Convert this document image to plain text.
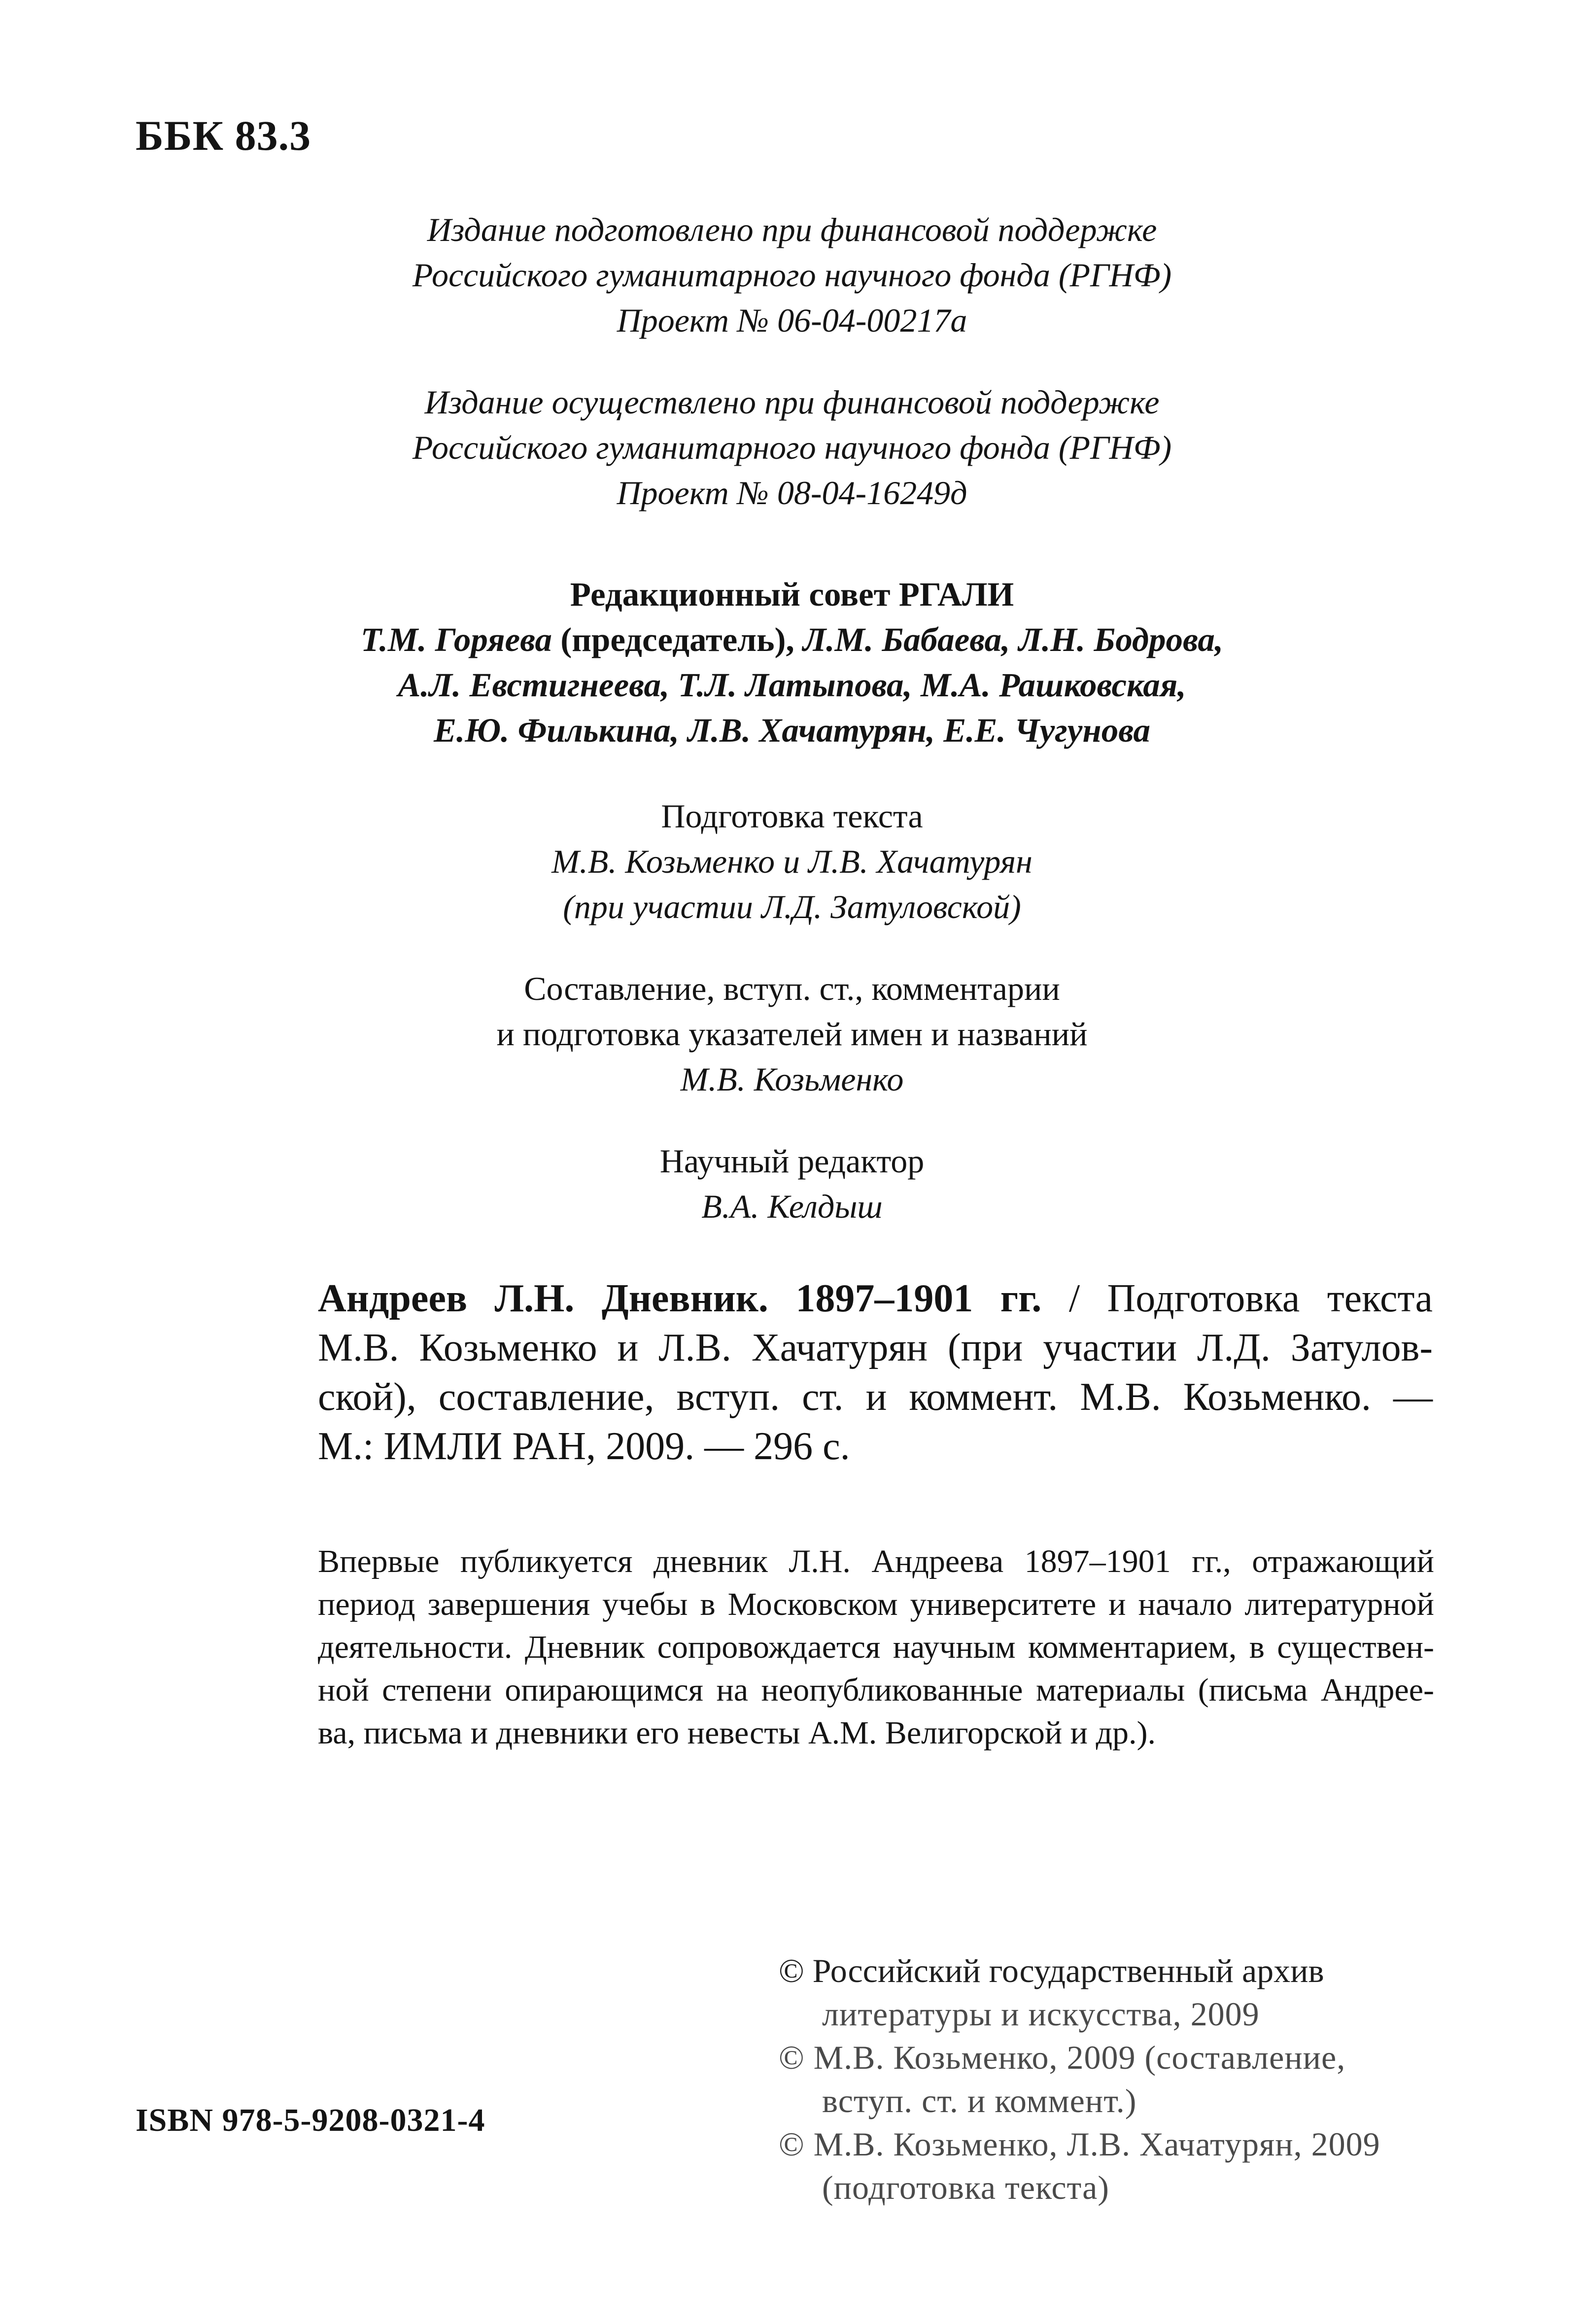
ББК 83.3
Издание подготовлено при финансовой поддержке
Российского гуманитарного научного фонда (РГНФ)
Проект № 06-04-00217а
Издание осуществлено при финансовой поддержке
Российского гуманитарного научного фонда (РГНФ)
Проект № 08-04-16249д
Редакционный совет РГАЛИ
Т.М. Горяева (председатель), Л.М. Бабаева, Л.Н. Бодрова,
А.Л. Евстигнеева, Т.Л. Латыпова, М.А. Рашковская,
Е.Ю. Филькина, Л.В. Хачатурян, Е.Е. Чугунова
Подготовка текста
М.В. Козьменко и Л.В. Хачатурян
(при участии Л.Д. Затуловской)
Составление, вступ. ст., комментарии
и подготовка указателей имен и названий
М.В. Козьменко
Научный редактор
В.А. Келдыш
Андреев Л.Н. Дневник. 1897–1901 гг. / Подготовка текста
М.В. Козьменко и Л.В. Хачатурян (при участии Л.Д. Затулов-
ской), составление, вступ. ст. и коммент. М.В. Козьменко. —
М.: ИМЛИ РАН, 2009. — 296 с.
Впервые публикуется дневник Л.Н. Андреева 1897–1901 гг., отражающий
период завершения учебы в Московском университете и начало литературной
деятельности. Дневник сопровождается научным комментарием, в существен-
ной степени опирающимся на неопубликованные материалы (письма Андрее-
ва, письма и дневники его невесты А.М. Велигорской и др.).
© Российский государственный архив
литературы и искусства, 2009
© М.В. Козьменко, 2009 (составление,
вступ. ст. и коммент.)
© М.В. Козьменко, Л.В. Хачатурян, 2009
(подготовка текста)
ISBN 978-5-9208-0321-4
